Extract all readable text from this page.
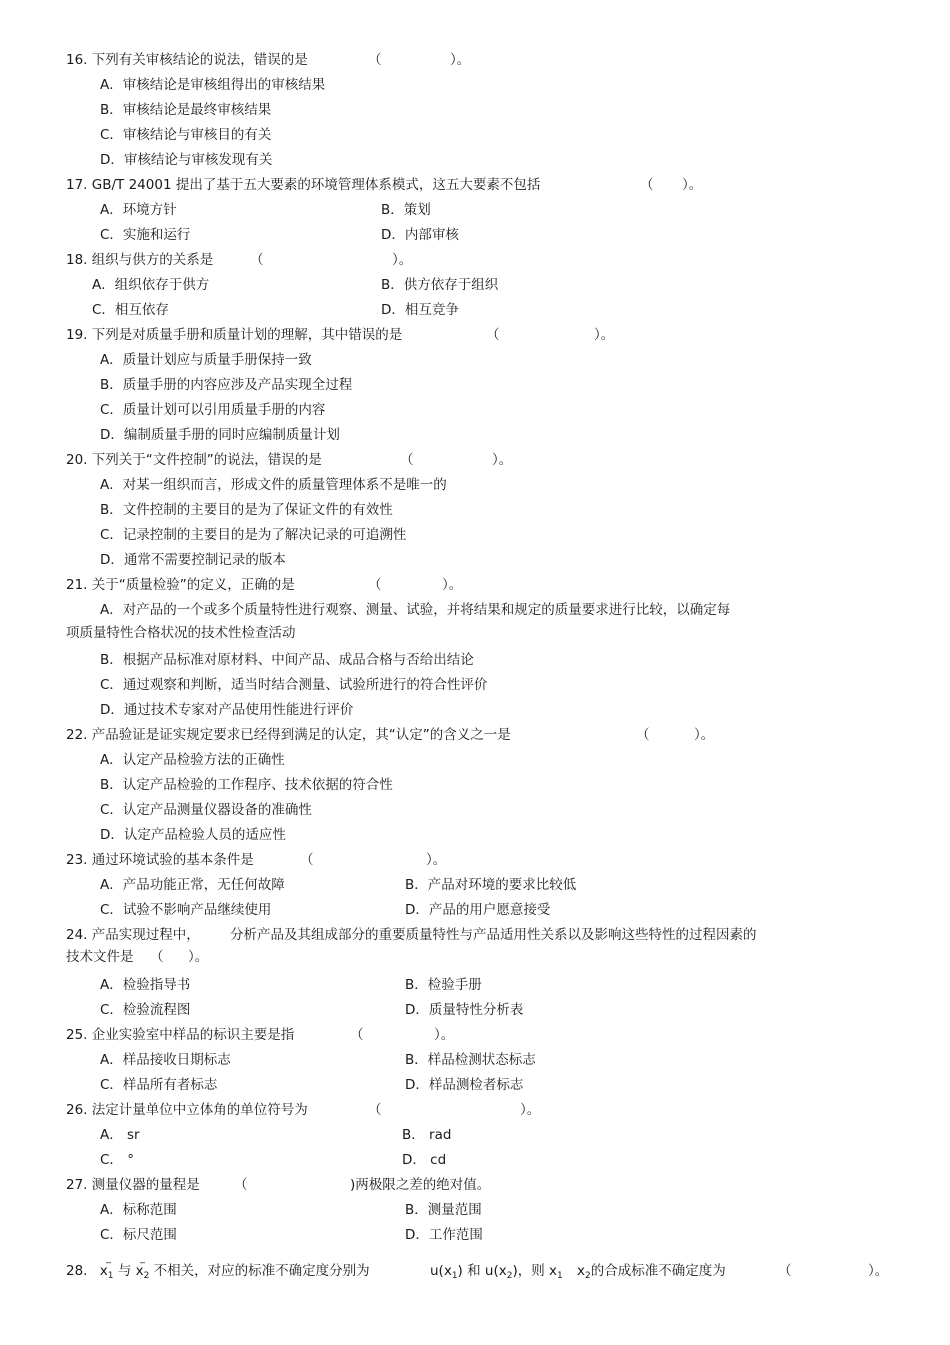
16. 下列有关审核结论的说法，错误的是	（	）。
A．审核结论是审核组得出的审核结果
B．审核结论是最终审核结果
C．审核结论与审核目的有关
D．审核结论与审核发现有关
17. GB/T 24001 提出了基于五大要素的环境管理体系模式，这五大要素不包括	（ ）。
A．环境方针	B．策划
C．实施和运行	D．内部审核
18. 组织与供方的关系是	（	）。
A．组织依存于供方	B．供方依存于组织
C．相互依存	D．相互竞争
19. 下列是对质量手册和质量计划的理解，其中错误的是	（	）。
A．质量计划应与质量手册保持一致
B．质量手册的内容应涉及产品实现全过程
C．质量计划可以引用质量手册的内容
D．编制质量手册的同时应编制质量计划
20. 下列关于“文件控制”的说法，错误的是	（	）。
A．对某一组织而言，形成文件的质量管理体系不是唯一的
B．文件控制的主要目的是为了保证文件的有效性
C．记录控制的主要目的是为了解决记录的可追溯性
D．通常不需要控制记录的版本
21. 关于“质量检验”的定义，正确的是	（	）。
A．对产品的一个或多个质量特性进行观察、测量、试验，并将结果和规定的质量要求进行比较，以确定每
项质量特性合格状况的技术性检查活动
B．根据产品标准对原材料、中间产品、成品合格与否给出结论
C．通过观察和判断，适当时结合测量、试验所进行的符合性评价
D．通过技术专家对产品使用性能进行评价
22. 产品验证是证实规定要求已经得到满足的认定，其“认定”的含义之一是	（	）。
A．认定产品检验方法的正确性
B．认定产品检验的工作程序、技术依据的符合性
C．认定产品测量仪器设备的准确性
D．认定产品检验人员的适应性
23. 通过环境试验的基本条件是	（	）。
A．产品功能正常，无任何故障	B．产品对环境的要求比较低
C．试验不影响产品继续使用	D．产品的用户愿意接受
24. 产品实现过程中， 分析产品及其组成部分的重要质量特性与产品适用性关系以及影响这些特性的过程因素的
技术文件是 （ ）。
A．检验指导书	B．检验手册
C．检验流程图	D．质量特性分析表
25. 企业实验室中样品的标识主要是指	（	）。
A．样品接收日期标志	B．样品检测状态标志
C．样品所有者标志	D．样品测检者标志
26. 法定计量单位中立体角的单位符号为	（	）。
A． sr	B． rad
C． °	D． cd
27. 测量仪器的量程是	（	)两极限之差的绝对值。
A．标称范围	B．测量范围
C．标尺范围	D．工作范围
_	_
28. $x_1$ 与 $x_2$ 不相关，对应的标准不确定度分别为	$u(x_1)$ 和 $u(x_2)$，则 $x_1$ $x_2$的合成标准不确定度为	（	）。
